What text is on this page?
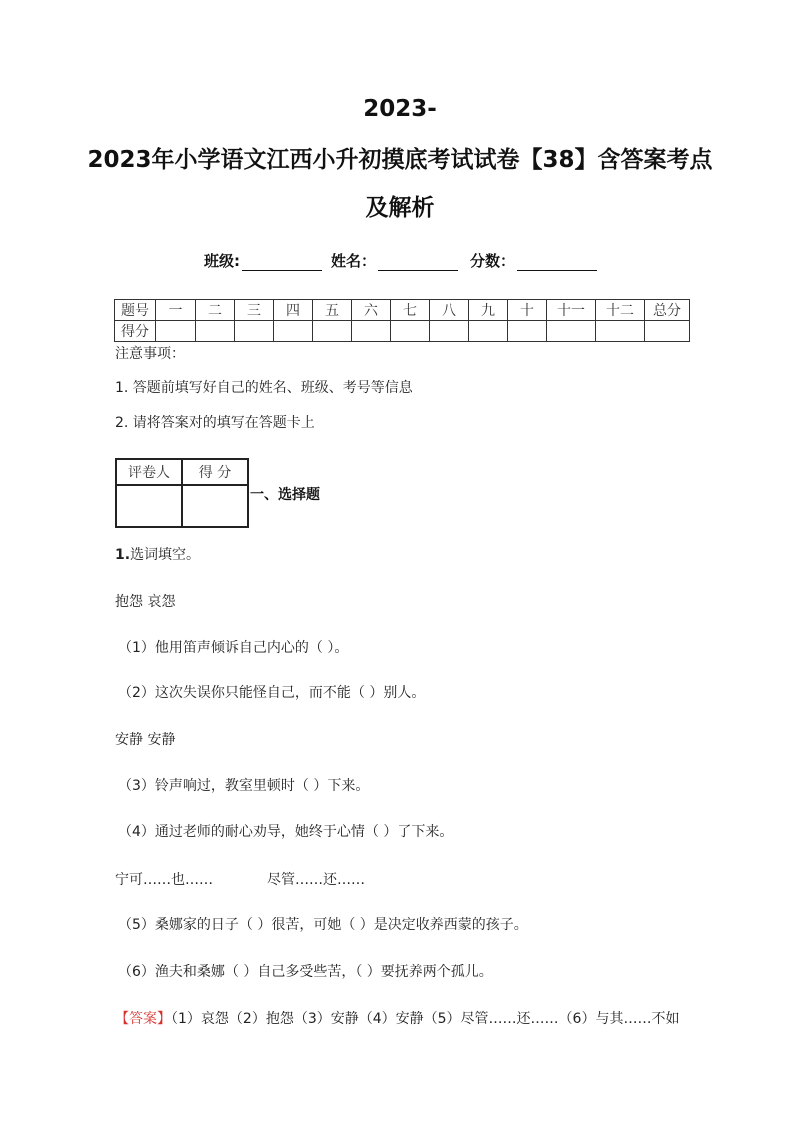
2023-
2023年小学语文江西小升初摸底考试试卷【38】含答案考点
及解析
班级:	姓名：	分数：
题号	一	二	三	四	五	六	七	八	九	十	十一	十二	总分
得分													
注意事项：
1. 答题前填写好自己的姓名、班级、考号等信息
2. 请将答案对的填写在答题卡上
评卷人	得 分

一、选择题
1.选词填空。
抱怨 哀怨
（1）他用笛声倾诉自己内心的（ ）。
（2）这次失误你只能怪自己，而不能（ ）别人。
安静 安静
（3）铃声响过，教室里顿时（ ）下来。
（4）通过老师的耐心劝导，她终于心情（ ）了下来。
宁可……也……	尽管……还……
（5）桑娜家的日子（ ）很苦，可她（ ）是决定收养西蒙的孩子。
（6）渔夫和桑娜（ ）自己多受些苦，（ ）要抚养两个孤儿。
【答案】（1）哀怨（2）抱怨（3）安静（4）安静（5）尽管……还……（6）与其……不如
